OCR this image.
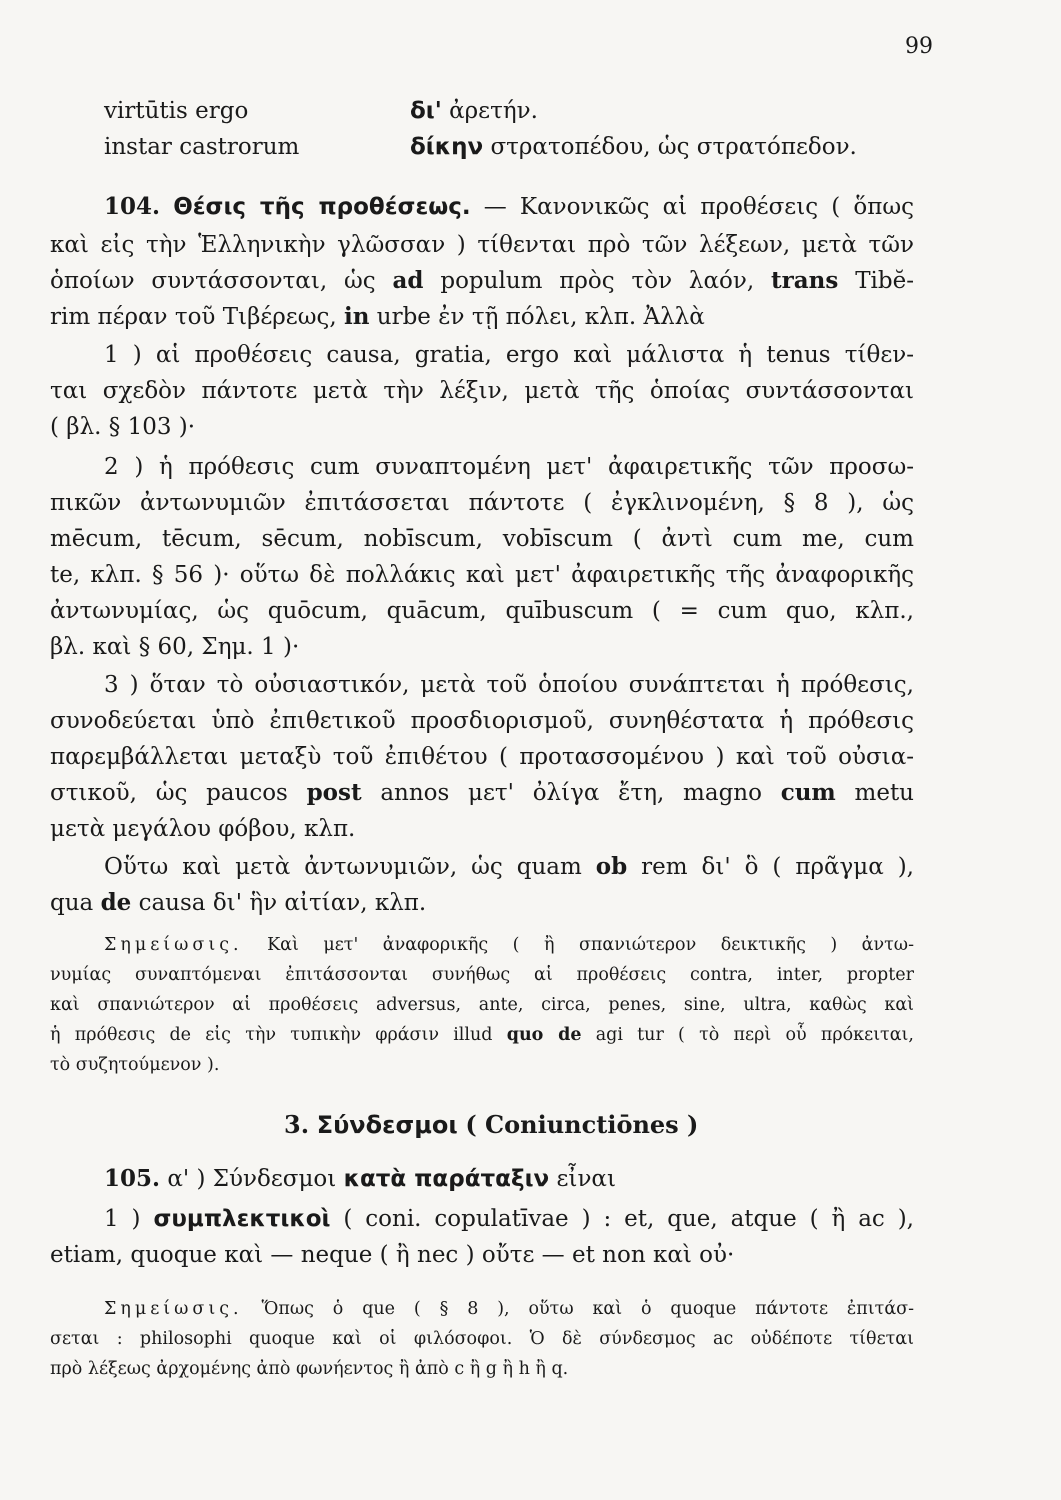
99
virtūtis ergo	δι' ἀρετήν.
instar castrorum	δίκην στρατοπέδου, ὡς στρατόπεδον.
104. Θέσις τῆς προθέσεως. — Κανονικῶς αἱ προθέσεις ( ὅπως
καὶ εἰς τὴν Ἑλληνικὴν γλῶσσαν ) τίθενται πρὸ τῶν λέξεων, μετὰ τῶν
ὁποίων συντάσσονται, ὡς ad populum πρὸς τὸν λαόν, trans Tibĕ-
rim πέραν τοῦ Τιβέρεως, in urbe ἐν τῇ πόλει, κλπ. Ἀλλὰ
1 ) αἱ προθέσεις causa, gratia, ergo καὶ μάλιστα ἡ tenus τίθεν-
ται σχεδὸν πάντοτε μετὰ τὴν λέξιν, μετὰ τῆς ὁποίας συντάσσονται
( βλ. § 103 )·
2 ) ἡ πρόθεσις cum συναπτομένη μετ' ἀφαιρετικῆς τῶν προσω-
πικῶν ἀντωνυμιῶν ἐπιτάσσεται πάντοτε ( ἐγκλινομένη, § 8 ), ὡς
mēcum, tēcum, sēcum, nobīscum, vobīscum ( ἀντὶ cum me, cum
te, κλπ. § 56 )· οὕτω δὲ πολλάκις καὶ μετ' ἀφαιρετικῆς τῆς ἀναφορικῆς
ἀντωνυμίας, ὡς quōcum, quācum, quībuscum ( = cum quo, κλπ.,
βλ. καὶ § 60, Σημ. 1 )·
3 ) ὅταν τὸ οὐσιαστικόν, μετὰ τοῦ ὁποίου συνάπτεται ἡ πρόθεσις,
συνοδεύεται ὑπὸ ἐπιθετικοῦ προσδιορισμοῦ, συνηθέστατα ἡ πρόθεσις
παρεμβάλλεται μεταξὺ τοῦ ἐπιθέτου ( προτασσομένου ) καὶ τοῦ οὐσια-
στικοῦ, ὡς paucos post annos μετ' ὀλίγα ἔτη, magno cum metu
μετὰ μεγάλου φόβου, κλπ.
Οὕτω καὶ μετὰ ἀντωνυμιῶν, ὡς quam ob rem δι' ὃ ( πρᾶγμα ),
qua de causa δι' ἣν αἰτίαν, κλπ.
Σημείωσις. Καὶ μετ' ἀναφορικῆς ( ἢ σπανιώτερον δεικτικῆς ) ἀντω-
νυμίας συναπτόμεναι ἐπιτάσσονται συνήθως αἱ προθέσεις contra, inter, propter
καὶ σπανιώτερον αἱ προθέσεις adversus, ante, circa, penes, sine, ultra, καθὼς καὶ
ἡ πρόθεσις de εἰς τὴν τυπικὴν φράσιν illud quo de agi tur ( τὸ περὶ οὗ πρόκειται,
τὸ συζητούμενον ).
3. Σύνδεσμοι ( Coniunctiōnes )
105. α' ) Σύνδεσμοι κατὰ παράταξιν εἶναι
1 ) συμπλεκτικοὶ ( coni. copulatīvae ) : et, que, atque ( ἢ ac ),
etiam, quoque καὶ — neque ( ἢ nec ) οὔτε — et non καὶ οὐ·
Σημείωσις. Ὅπως ὁ que ( § 8 ), οὕτω καὶ ὁ quoque πάντοτε ἐπιτάσ-
σεται : philosophi quoque καὶ οἱ φιλόσοφοι. Ὁ δὲ σύνδεσμος ac οὐδέποτε τίθεται
πρὸ λέξεως ἀρχομένης ἀπὸ φωνήεντος ἢ ἀπὸ c ἢ g ἢ h ἢ q.
